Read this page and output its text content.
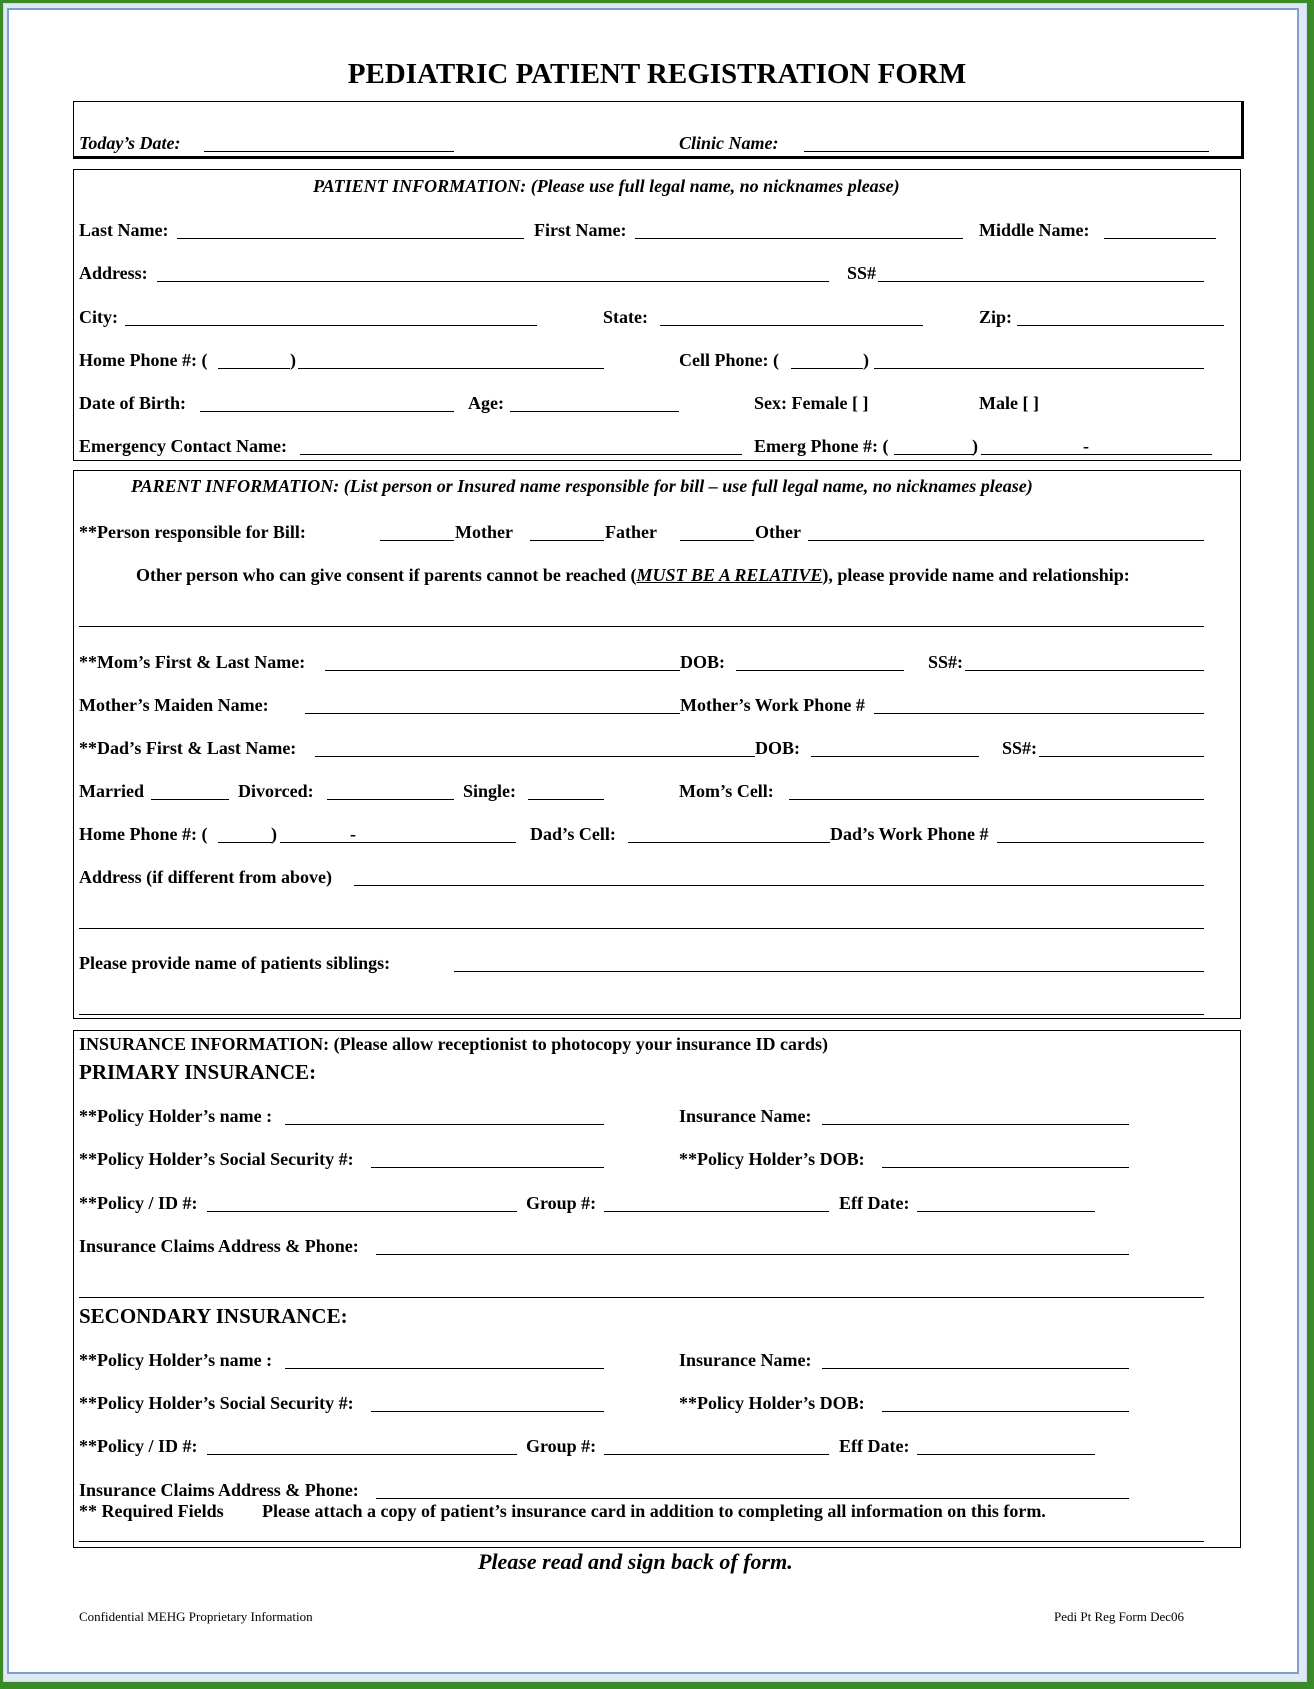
PEDIATRIC PATIENT REGISTRATION FORM
Today’s Date:	Clinic Name:
PATIENT INFORMATION: (Please use full legal name, no nicknames please)
Last Name:	First Name:	Middle Name:
Address:	SS#
City:	State:	Zip:
Home Phone #: (	)	Cell Phone: (	)
Date of Birth:	Age:	Sex: Female [ ]	Male [ ]
Emergency Contact Name:	Emerg Phone #: (	)	-
PARENT INFORMATION: (List person or Insured name responsible for bill – use full legal name, no nicknames please)
**Person responsible for Bill:	Mother	Father	Other
Other person who can give consent if parents cannot be reached (MUST BE A RELATIVE), please provide name and relationship:
**Mom’s First & Last Name:	DOB:	SS#:
Mother’s Maiden Name:	Mother’s Work Phone #
**Dad’s First & Last Name:	DOB:	SS#:
Married	Divorced:	Single:	Mom’s Cell:
Home Phone #: (	)	-	Dad’s Cell:	Dad’s Work Phone #
Address (if different from above)
Please provide name of patients siblings:
INSURANCE INFORMATION: (Please allow receptionist to photocopy your insurance ID cards)
PRIMARY INSURANCE:
**Policy Holder’s name :	Insurance Name:
**Policy Holder’s Social Security #:	**Policy Holder’s DOB:
**Policy / ID #:	Group #:	Eff Date:
Insurance Claims Address & Phone:
SECONDARY INSURANCE:
**Policy Holder’s name :	Insurance Name:
**Policy Holder’s Social Security #:	**Policy Holder’s DOB:
**Policy / ID #:	Group #:	Eff Date:
Insurance Claims Address & Phone:
** Required Fields Please attach a copy of patient’s insurance card in addition to completing all information on this form.
Please read and sign back of form.
Confidential MEHG Proprietary Information	Pedi Pt Reg Form Dec06
